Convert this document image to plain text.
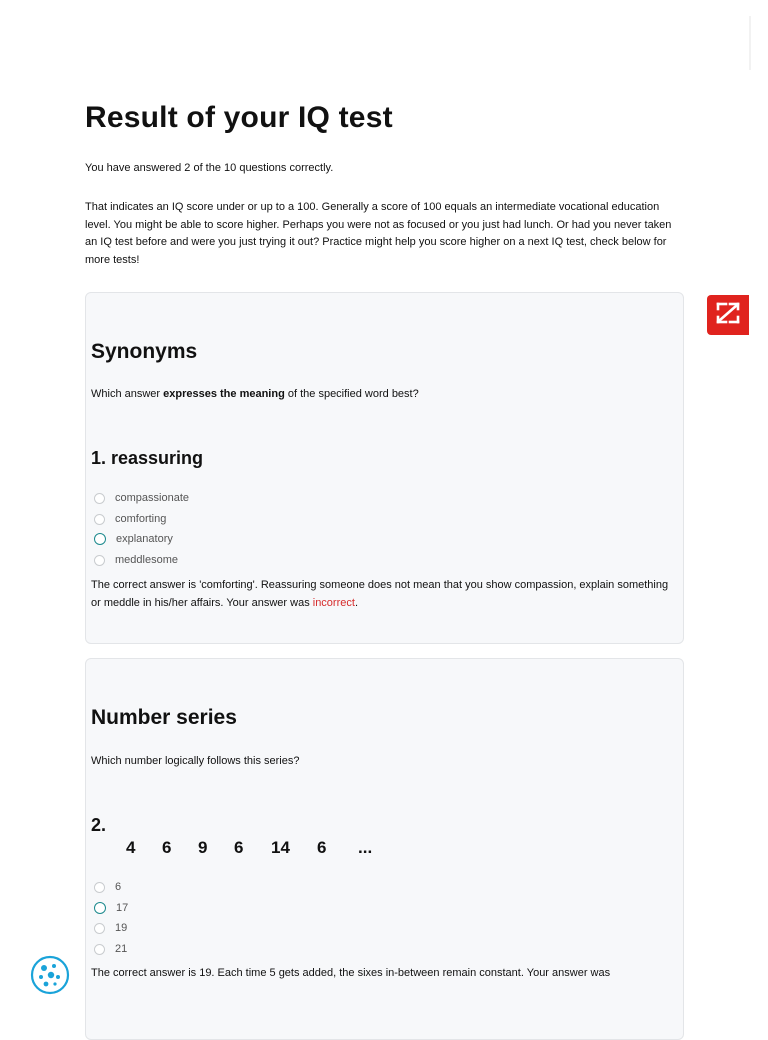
Result of your IQ test

You have answered 2 of the 10 questions correctly.

That indicates an IQ score under or up to a 100. Generally a score of 100 equals an intermediate vocational education level. You might be able to score higher. Perhaps you were not as focused or you just had lunch. Or had you never taken an IQ test before and were you just trying it out? Practice might help you score higher on a next IQ test, check below for more tests!

Synonyms

Which answer expresses the meaning of the specified word best?

1. reassuring
compassionate
comforting
explanatory
meddlesome

The correct answer is 'comforting'. Reassuring someone does not mean that you show compassion, explain something or meddle in his/her affairs. Your answer was incorrect.

Number series

Which number logically follows this series?

2.
4 6 9 6 14 6 ...
6
17
19
21

The correct answer is 19. Each time 5 gets added, the sixes in-between remain constant. Your answer was
